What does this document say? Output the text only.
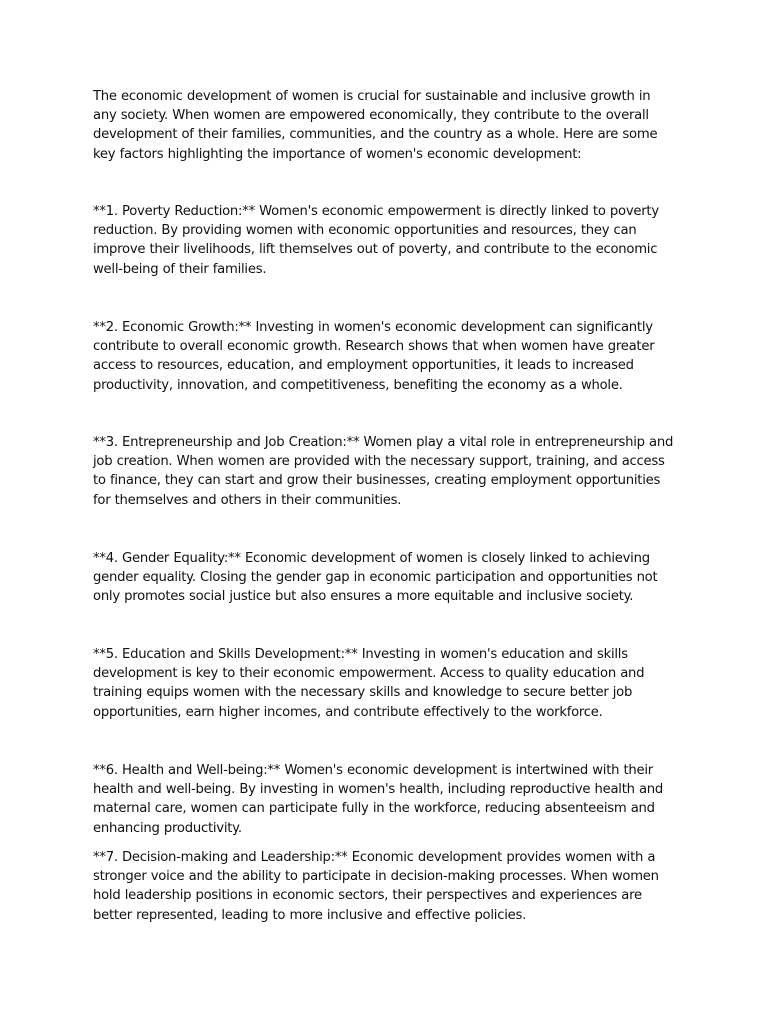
The economic development of women is crucial for sustainable and inclusive growth in any society. When women are empowered economically, they contribute to the overall development of their families, communities, and the country as a whole. Here are some key factors highlighting the importance of women's economic development:

**1. Poverty Reduction:** Women's economic empowerment is directly linked to poverty reduction. By providing women with economic opportunities and resources, they can improve their livelihoods, lift themselves out of poverty, and contribute to the economic well-being of their families.

**2. Economic Growth:** Investing in women's economic development can significantly contribute to overall economic growth. Research shows that when women have greater access to resources, education, and employment opportunities, it leads to increased productivity, innovation, and competitiveness, benefiting the economy as a whole.

**3. Entrepreneurship and Job Creation:** Women play a vital role in entrepreneurship and job creation. When women are provided with the necessary support, training, and access to finance, they can start and grow their businesses, creating employment opportunities for themselves and others in their communities.

**4. Gender Equality:** Economic development of women is closely linked to achieving gender equality. Closing the gender gap in economic participation and opportunities not only promotes social justice but also ensures a more equitable and inclusive society.

**5. Education and Skills Development:** Investing in women's education and skills development is key to their economic empowerment. Access to quality education and training equips women with the necessary skills and knowledge to secure better job opportunities, earn higher incomes, and contribute effectively to the workforce.

**6. Health and Well-being:** Women's economic development is intertwined with their health and well-being. By investing in women's health, including reproductive health and maternal care, women can participate fully in the workforce, reducing absenteeism and enhancing productivity.

**7. Decision-making and Leadership:** Economic development provides women with a stronger voice and the ability to participate in decision-making processes. When women hold leadership positions in economic sectors, their perspectives and experiences are better represented, leading to more inclusive and effective policies.
